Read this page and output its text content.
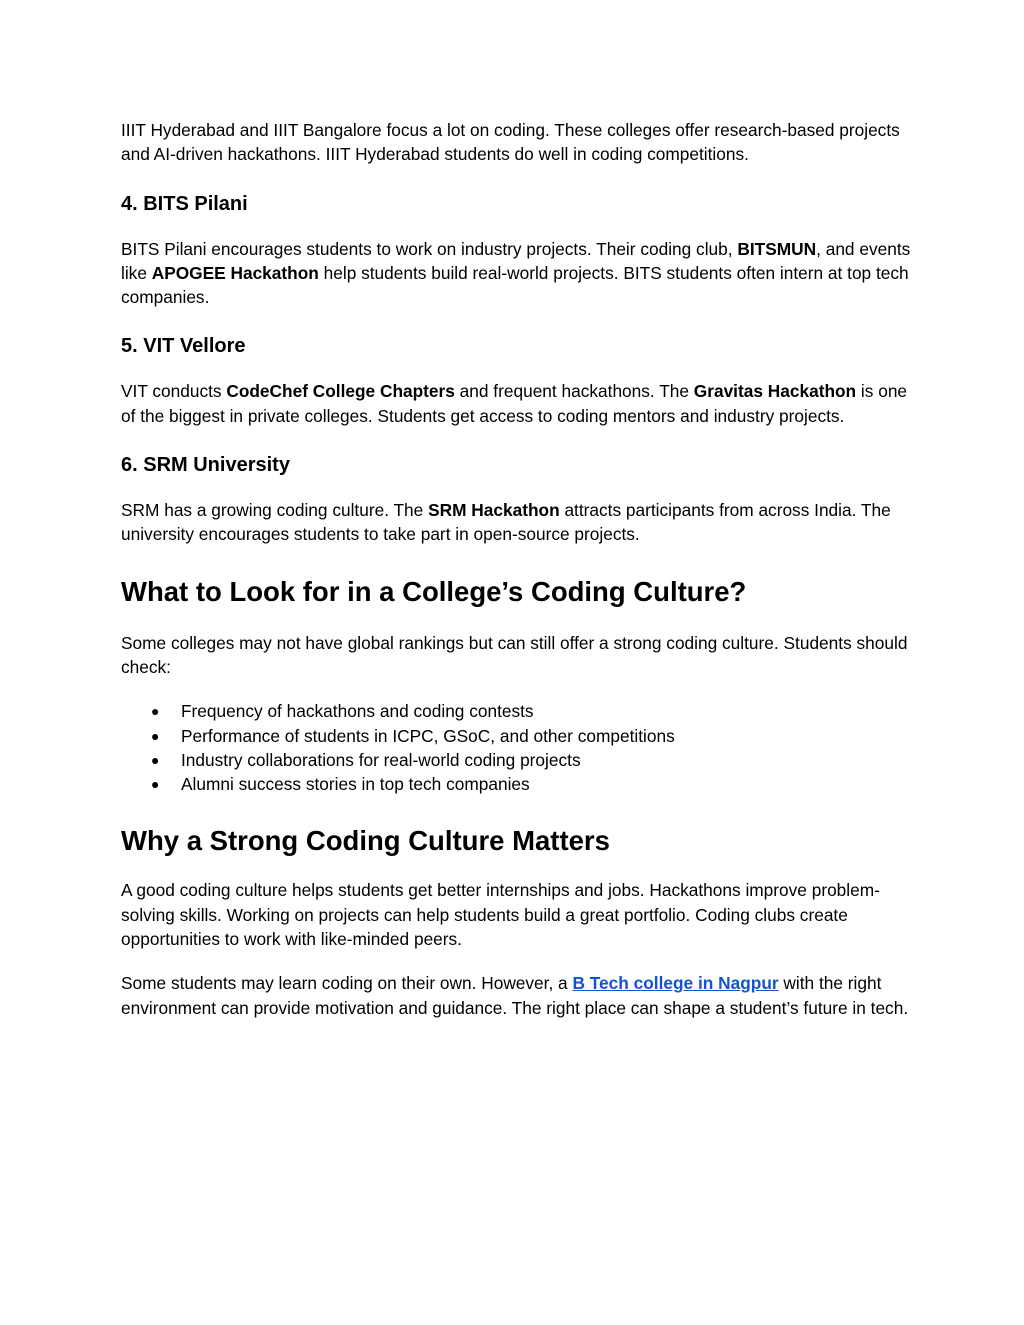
IIIT Hyderabad and IIIT Bangalore focus a lot on coding. These colleges offer research-based projects and AI-driven hackathons. IIIT Hyderabad students do well in coding competitions.

4. BITS Pilani

BITS Pilani encourages students to work on industry projects. Their coding club, BITSMUN, and events like APOGEE Hackathon help students build real-world projects. BITS students often intern at top tech companies.

5. VIT Vellore

VIT conducts CodeChef College Chapters and frequent hackathons. The Gravitas Hackathon is one of the biggest in private colleges. Students get access to coding mentors and industry projects.

6. SRM University

SRM has a growing coding culture. The SRM Hackathon attracts participants from across India. The university encourages students to take part in open-source projects.

What to Look for in a College’s Coding Culture?

Some colleges may not have global rankings but can still offer a strong coding culture. Students should check:

● Frequency of hackathons and coding contests
● Performance of students in ICPC, GSoC, and other competitions
● Industry collaborations for real-world coding projects
● Alumni success stories in top tech companies
Why a Strong Coding Culture Matters

A good coding culture helps students get better internships and jobs. Hackathons improve problem-solving skills. Working on projects can help students build a great portfolio. Coding clubs create opportunities to work with like-minded peers.

Some students may learn coding on their own. However, a B Tech college in Nagpur with the right environment can provide motivation and guidance. The right place can shape a student’s future in tech.
